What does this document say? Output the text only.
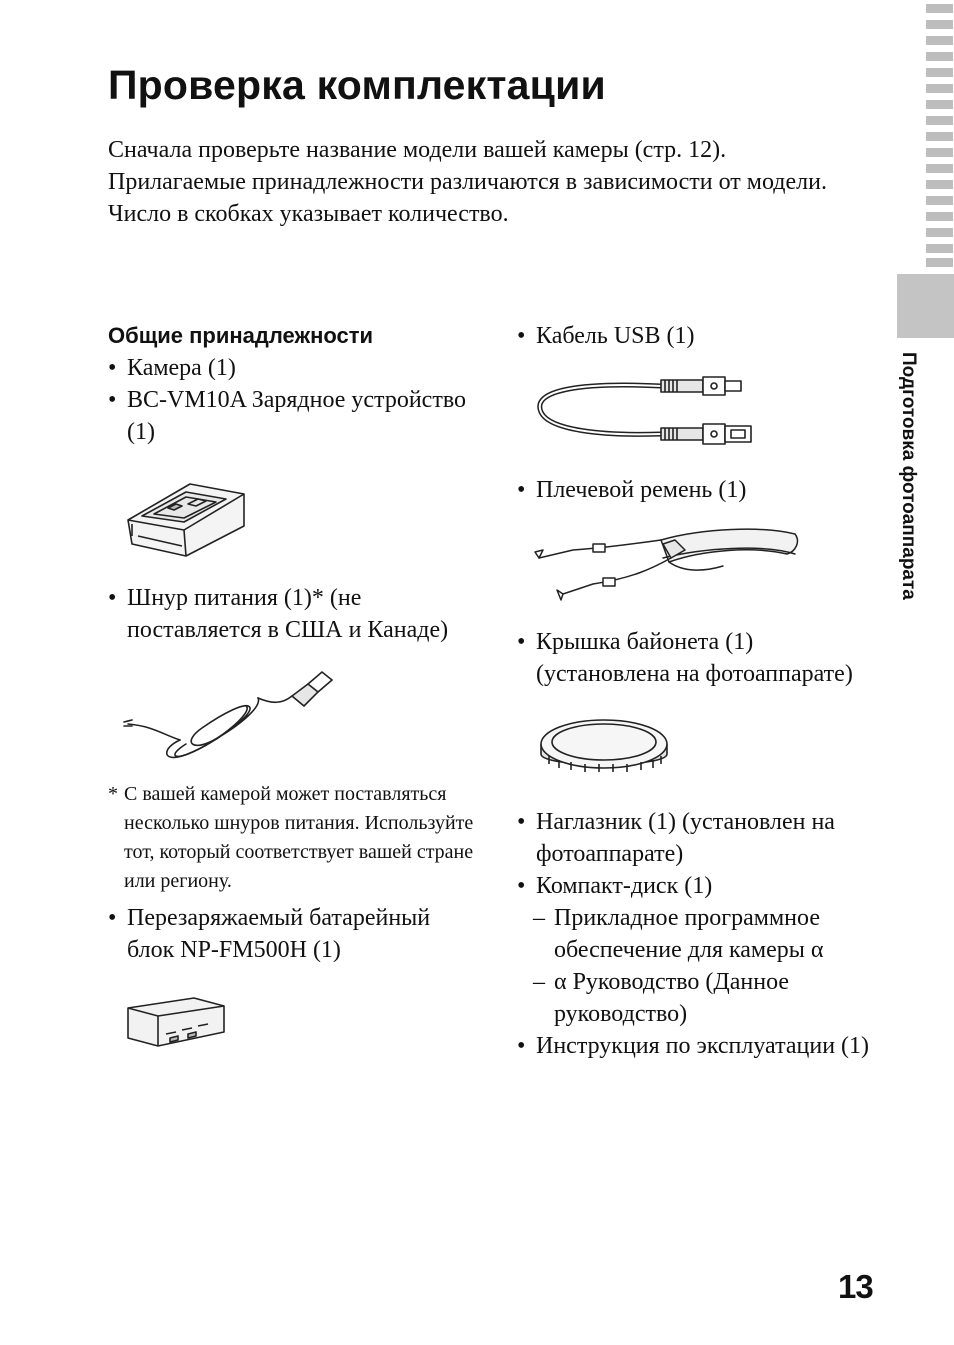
Проверка комплектации

Сначала проверьте название модели вашей камеры (стр. 12).

Прилагаемые принадлежности различаются в зависимости от модели.

Число в скобках указывает количество.

Общие принадлежности

• Камера (1)

• BC-VM10A Зарядное устройство (1)

• Шнур питания (1)* (не поставляется в США и Канаде)

* С вашей камерой может поставляться несколько шнуров питания. Используйте тот, который соответствует вашей стране или региону.

• Перезаряжаемый батарейный блок NP-FM500H (1)

• Кабель USB (1)

• Плечевой ремень (1)

• Крышка байонета (1) (установлена на фотоаппарате)

• Наглазник (1) (установлен на фотоаппарате)

• Компакт-диск (1)

– Прикладное программное обеспечение для камеры α

– α Руководство (Данное руководство)

• Инструкция по эксплуатации (1)

Подготовка фотоаппарата
13
